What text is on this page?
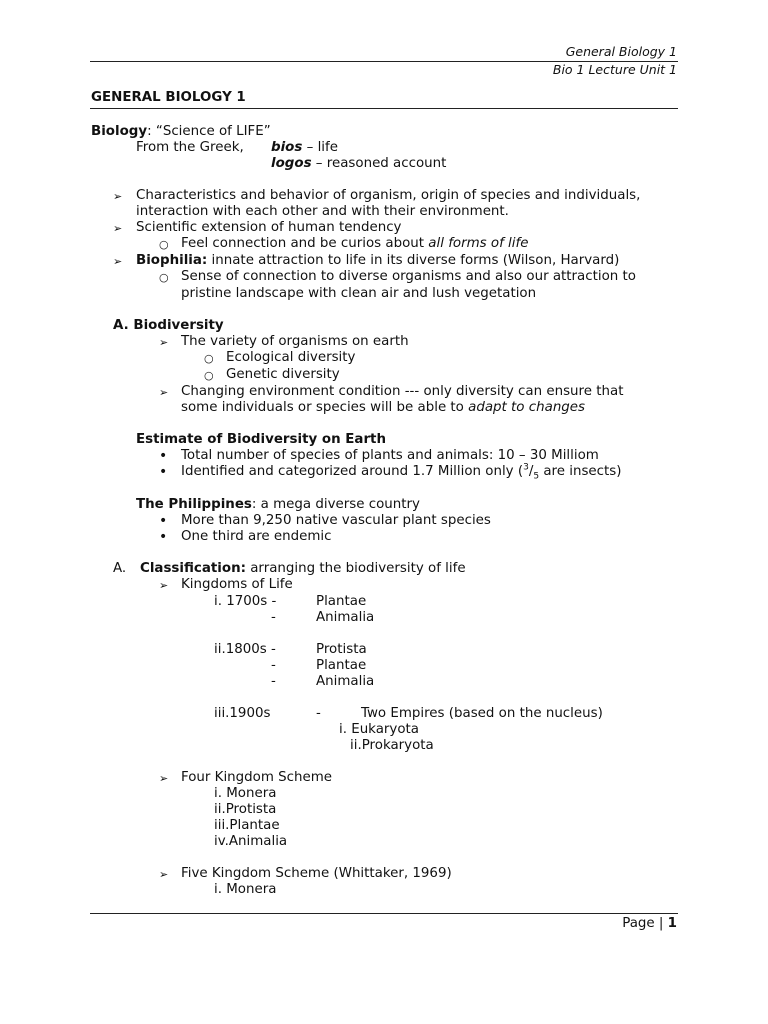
General Biology 1
Bio 1 Lecture Unit 1
GENERAL BIOLOGY 1
Biology: “Science of LIFE”
From the Greek, bios – life
logos – reasoned account
➢ Characteristics and behavior of organism, origin of species and individuals,
interaction with each other and with their environment.
➢ Scientific extension of human tendency
○ Feel connection and be curios about all forms of life
➢ Biophilia: innate attraction to life in its diverse forms (Wilson, Harvard)
○ Sense of connection to diverse organisms and also our attraction to
pristine landscape with clean air and lush vegetation
A. Biodiversity
➢ The variety of organisms on earth
○ Ecological diversity
○ Genetic diversity
➢ Changing environment condition --- only diversity can ensure that
some individuals or species will be able to adapt to changes
Estimate of Biodiversity on Earth
• Total number of species of plants and animals: 10 – 30 Milliom
• Identified and categorized around 1.7 Million only ($^3/_5$ are insects)
The Philippines: a mega diverse country
• More than 9,250 native vascular plant species
• One third are endemic
A. Classification: arranging the biodiversity of life
➢ Kingdoms of Life
i. 1700s -	Plantae
-	Animalia
ii.1800s -	Protista
-	Plantae
-	Animalia
iii.1900s	-	Two Empires (based on the nucleus)
i. Eukaryota
ii.Prokaryota
➢ Four Kingdom Scheme
i. Monera
ii.Protista
iii.Plantae
iv.Animalia
➢ Five Kingdom Scheme (Whittaker, 1969)
i. Monera
Page | 1
